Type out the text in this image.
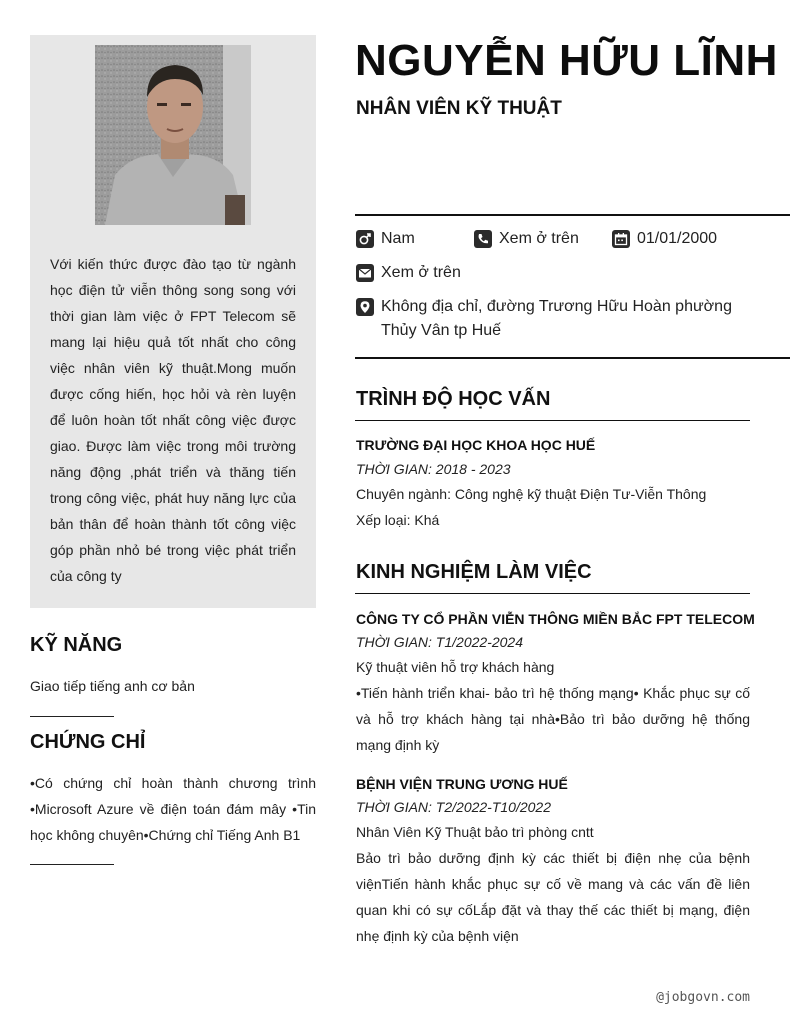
Với kiến thức được đào tạo từ ngành học điện tử viễn thông song song với thời gian làm việc ở FPT Telecom sẽ mang lại hiệu quả tốt nhất cho công việc nhân viên kỹ thuật.Mong muốn được cống hiến, học hỏi và rèn luyện để luôn hoàn tốt nhất công việc được giao. Được làm việc trong môi trường năng động ,phát triển và thăng tiến trong công việc, phát huy năng lực của bản thân để hoàn thành tốt công việc góp phần nhỏ bé trong việc phát triển của công ty
KỸ NĂNG
Giao tiếp tiếng anh cơ bản
CHỨNG CHỈ
•Có chứng chỉ hoàn thành chương trình •Microsoft Azure về điện toán đám mây •Tin học không chuyên•Chứng chỉ Tiếng Anh B1
NGUYỄN HỮU LĨNH
NHÂN VIÊN KỸ THUẬT
Nam	Xem ở trên	01/01/2000
Xem ở trên
Không địa chỉ, đường Trương Hữu Hoàn phường Thủy Vân tp Huế
TRÌNH ĐỘ HỌC VẤN
TRƯỜNG ĐẠI HỌC KHOA HỌC HUẾ
THỜI GIAN: 2018 - 2023
Chuyên ngành: Công nghệ kỹ thuật Điện Tư-Viễn Thông
Xếp loại: Khá
KINH NGHIỆM LÀM VIỆC
CÔNG TY CỔ PHẦN VIỄN THÔNG MIỀN BẮC FPT TELECOM
THỜI GIAN: T1/2022-2024
Kỹ thuật viên hỗ trợ khách hàng
•Tiến hành triển khai- bảo trì hệ thống mạng• Khắc phục sự cố và hỗ trợ khách hàng tại nhà•Bảo trì bảo dưỡng hệ thống mạng định kỳ
BỆNH VIỆN TRUNG ƯƠNG HUẾ
THỜI GIAN: T2/2022-T10/2022
Nhân Viên Kỹ Thuật bảo trì phòng cntt
Bảo trì bảo dưỡng định kỳ các thiết bị điện nhẹ của bệnh việnTiến hành khắc phục sự cố về mang và các vấn đề liên quan khi có sự cốLắp đặt và thay thế các thiết bị mạng, điện nhẹ định kỳ của bệnh viện
@jobgovn.com
